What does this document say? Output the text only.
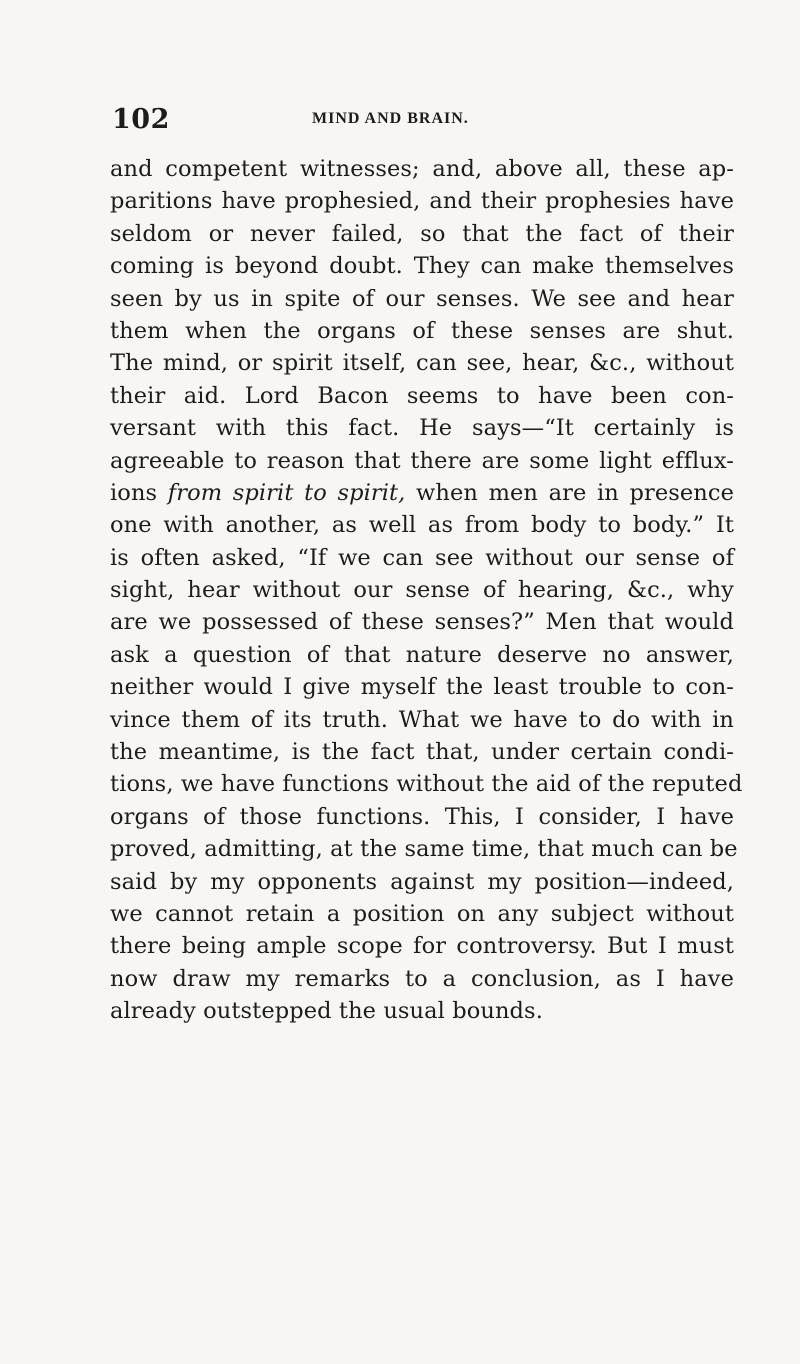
102	MIND AND BRAIN.
and competent witnesses; and, above all, these ap-
paritions have prophesied, and their prophesies have
seldom or never failed, so that the fact of their
coming is beyond doubt. They can make themselves
seen by us in spite of our senses. We see and hear
them when the organs of these senses are shut.
The mind, or spirit itself, can see, hear, &c., without
their aid. Lord Bacon seems to have been con-
versant with this fact. He says—“It certainly is
agreeable to reason that there are some light efflux-
ions from spirit to spirit, when men are in presence
one with another, as well as from body to body.” It
is often asked, “If we can see without our sense of
sight, hear without our sense of hearing, &c., why
are we possessed of these senses?” Men that would
ask a question of that nature deserve no answer,
neither would I give myself the least trouble to con-
vince them of its truth. What we have to do with in
the meantime, is the fact that, under certain condi-
tions, we have functions without the aid of the reputed
organs of those functions. This, I consider, I have
proved, admitting, at the same time, that much can be
said by my opponents against my position—indeed,
we cannot retain a position on any subject without
there being ample scope for controversy. But I must
now draw my remarks to a conclusion, as I have
already outstepped the usual bounds.
